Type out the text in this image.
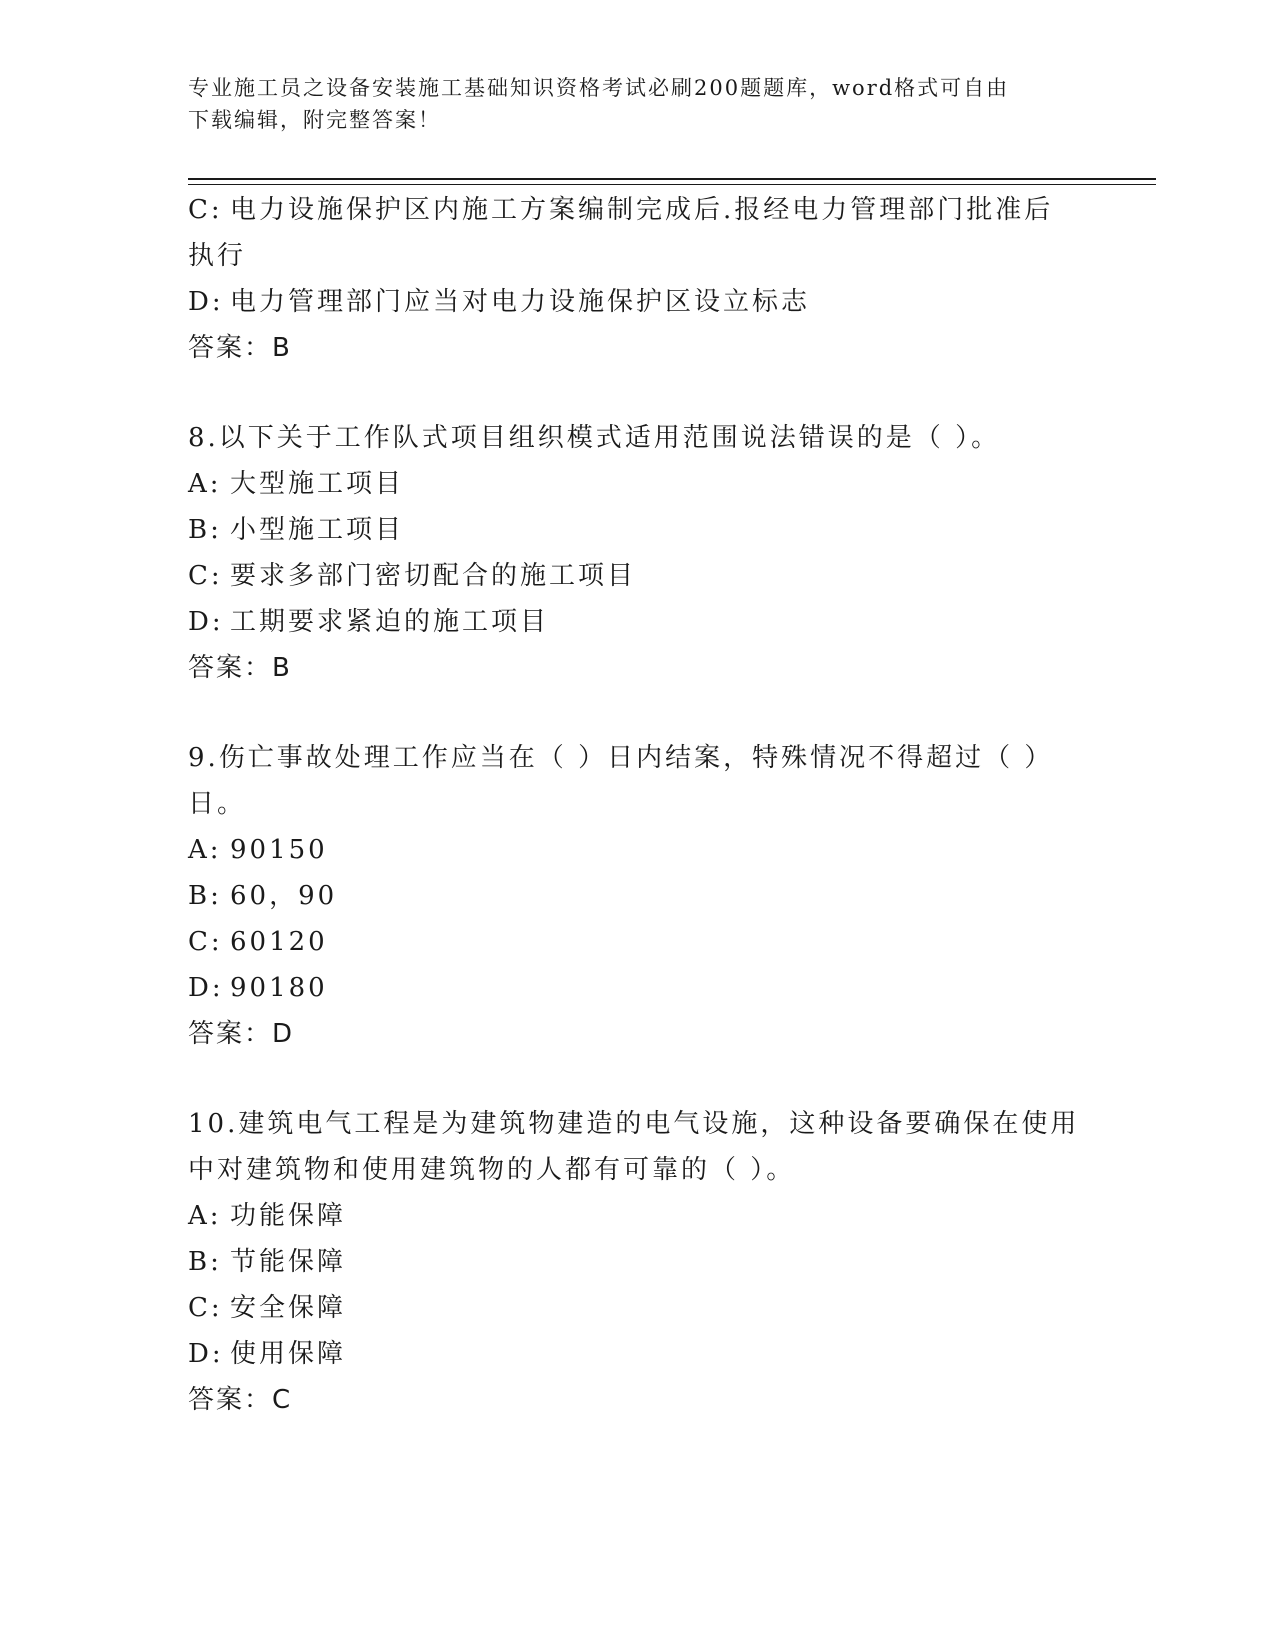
专业施工员之设备安装施工基础知识资格考试必刷200题题库，word格式可自由
下载编辑，附完整答案！
C: 电力设施保护区内施工方案编制完成后.报经电力管理部门批准后
执行
D: 电力管理部门应当对电力设施保护区设立标志
答案：B
8.以下关于工作队式项目组织模式适用范围说法错误的是（ ）。
A: 大型施工项目
B: 小型施工项目
C: 要求多部门密切配合的施工项目
D: 工期要求紧迫的施工项目
答案：B
9.伤亡事故处理工作应当在（ ）日内结案，特殊情况不得超过（ ）
日。
A: 90150
B: 60，90
C: 60120
D: 90180
答案：D
10.建筑电气工程是为建筑物建造的电气设施，这种设备要确保在使用
中对建筑物和使用建筑物的人都有可靠的（ ）。
A: 功能保障
B: 节能保障
C: 安全保障
D: 使用保障
答案：C
